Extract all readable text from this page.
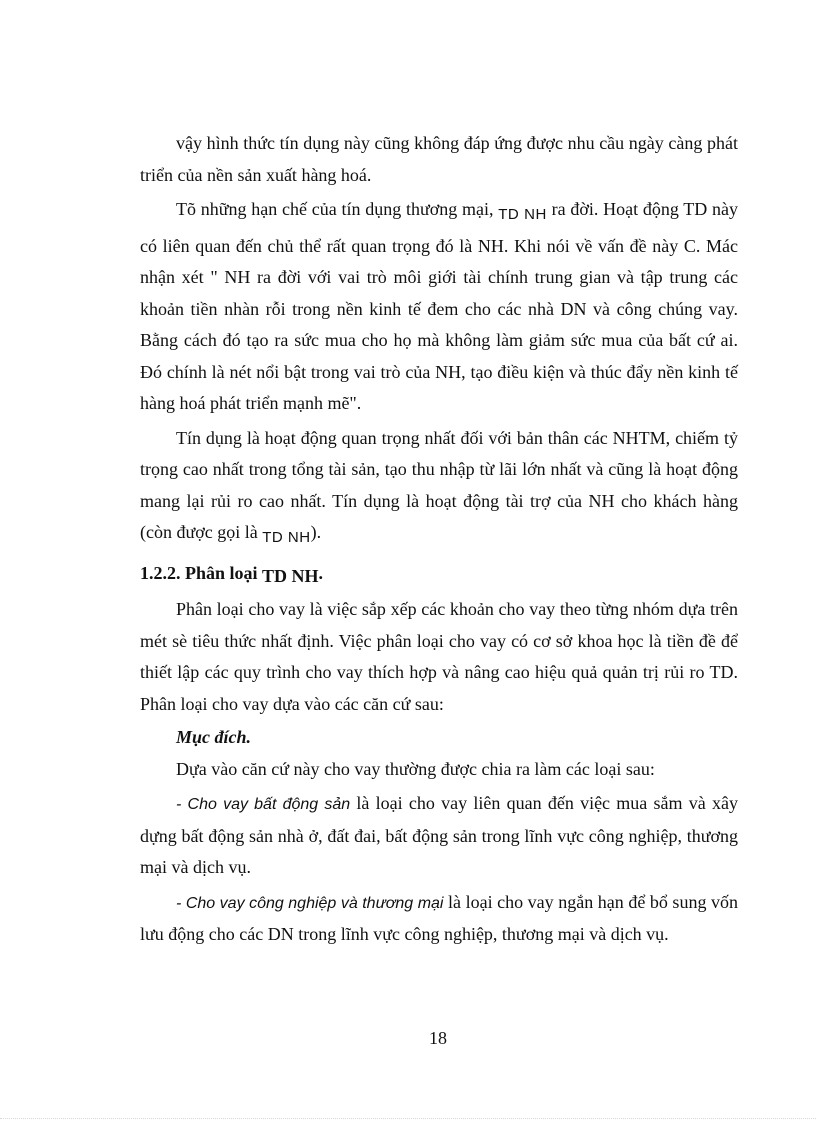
vậy hình thức tín dụng này cũng không đáp ứng được nhu cầu ngày càng phát triển của nền sản xuất hàng hoá.

Tõ những hạn chế của tín dụng thương mại, $_{TD NH}$ ra đời. Hoạt động TD này có liên quan đến chủ thể rất quan trọng đó là NH. Khi nói về vấn đề này C. Mác nhận xét " NH ra đời với vai trò môi giới tài chính trung gian và tập trung các khoản tiền nhàn rỗi trong nền kinh tế đem cho các nhà DN và công chúng vay. Bằng cách đó tạo ra sức mua cho họ mà không làm giảm sức mua của bất cứ ai. Đó chính là nét nổi bật trong vai trò của NH, tạo điều kiện và thúc đẩy nền kinh tế hàng hoá phát triển mạnh mẽ".

Tín dụng là hoạt động quan trọng nhất đối với bản thân các NHTM, chiếm tỷ trọng cao nhất trong tổng tài sản, tạo thu nhập từ lãi lớn nhất và cũng là hoạt động mang lại rủi ro cao nhất. Tín dụng là hoạt động tài trợ của NH cho khách hàng (còn được gọi là $_{TD NH}$).

1.2.2. Phân loại TD NH.

Phân loại cho vay là việc sắp xếp các khoản cho vay theo từng nhóm dựa trên mét sè tiêu thức nhất định. Việc phân loại cho vay có cơ sở khoa học là tiền đề để thiết lập các quy trình cho vay thích hợp và nâng cao hiệu quả quản trị rủi ro TD. Phân loại cho vay dựa vào các căn cứ sau:

Mục đích.

Dựa vào căn cứ này cho vay thường được chia ra làm các loại sau:

- Cho vay bất động sản là loại cho vay liên quan đến việc mua sắm và xây dựng bất động sản nhà ở, đất đai, bất động sản trong lĩnh vực công nghiệp, thương mại và dịch vụ.

- Cho vay công nghiệp và thương mại là loại cho vay ngắn hạn để bổ sung vốn lưu động cho các DN trong lĩnh vực công nghiệp, thương mại và dịch vụ.

18
